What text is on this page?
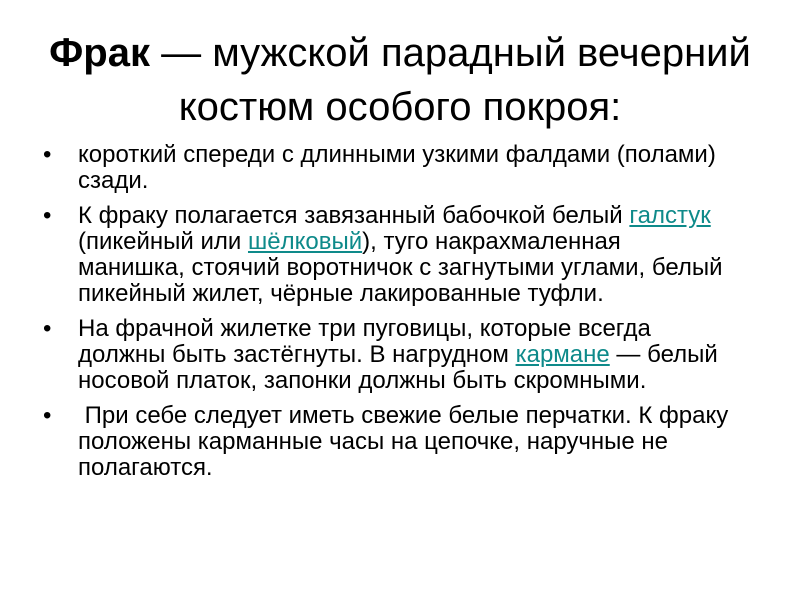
Фрак — мужской парадный вечерний костюм особого покроя:
• короткий спереди с длинными узкими фалдами (полами) сзади.
• К фраку полагается завязанный бабочкой белый галстук (пикейный или шёлковый), туго накрахмаленная манишка, стоячий воротничок с загнутыми углами, белый пикейный жилет, чёрные лакированные туфли.
• На фрачной жилетке три пуговицы, которые всегда должны быть застёгнуты. В нагрудном кармане — белый носовой платок, запонки должны быть скромными.
• При себе следует иметь свежие белые перчатки. К фраку положены карманные часы на цепочке, наручные не полагаются.
